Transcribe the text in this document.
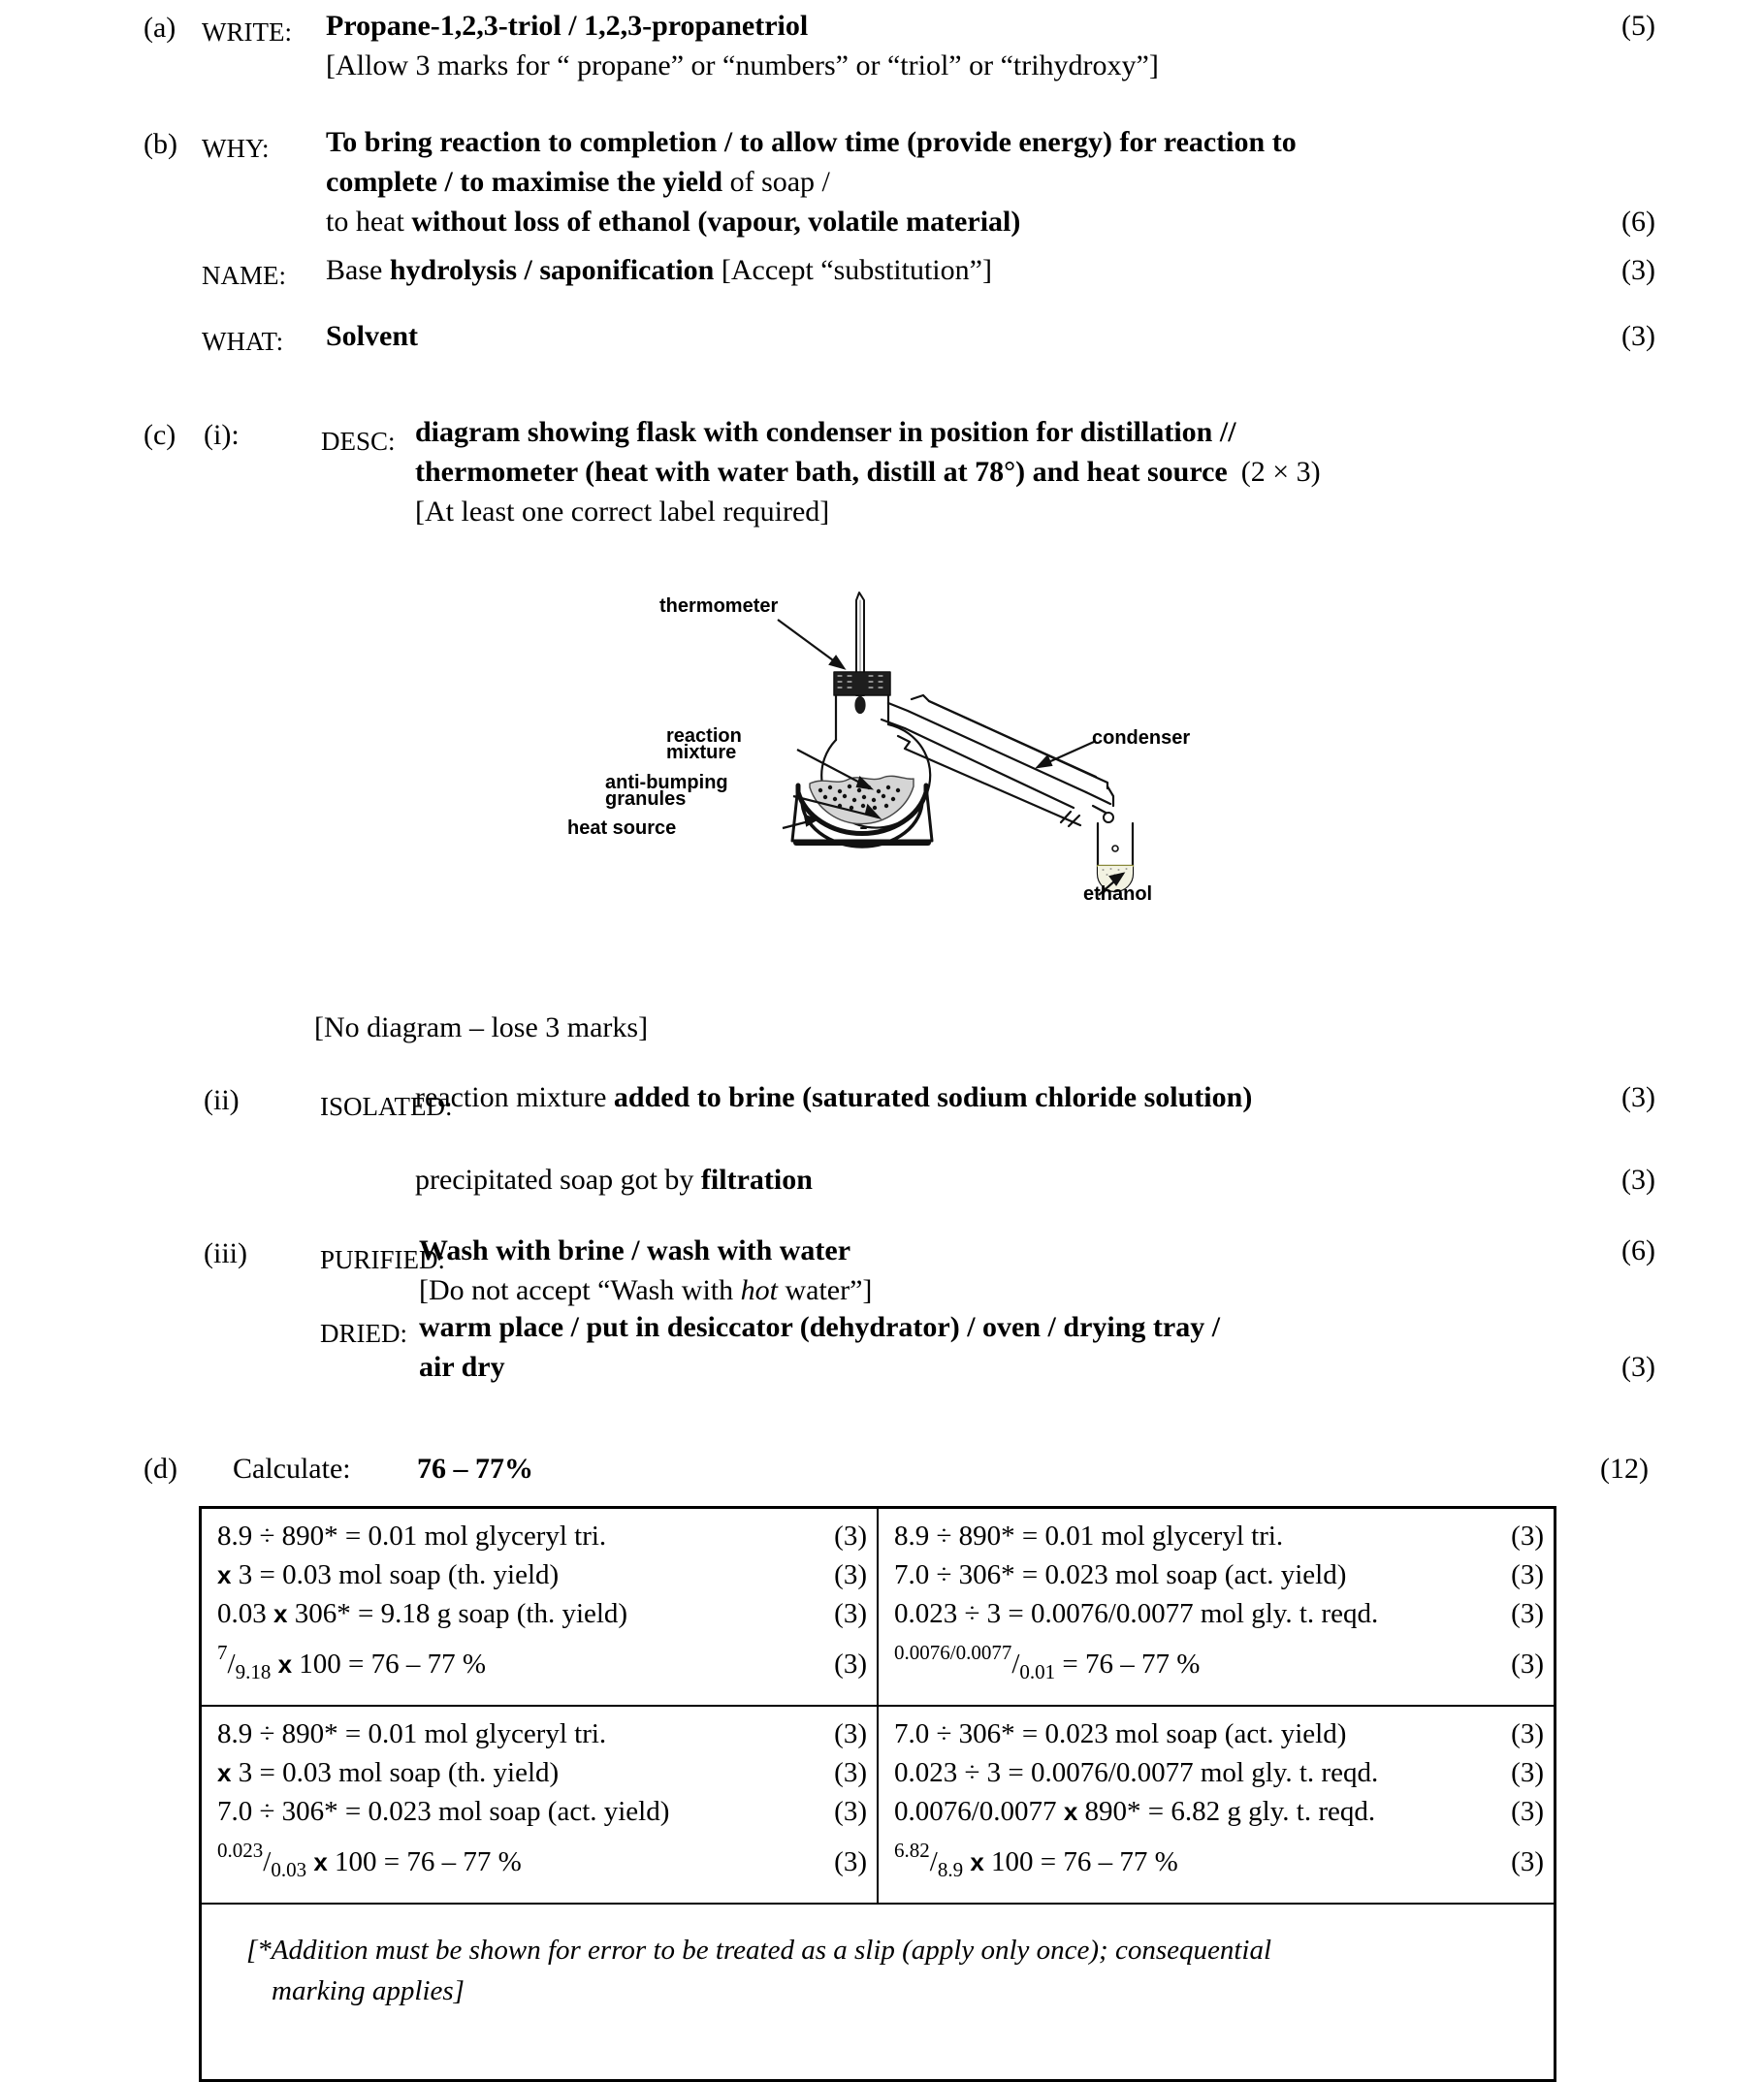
(a) WRITE: Propane-1,2,3-triol / 1,2,3-propanetriol
[Allow 3 marks for “ propane” or “numbers” or “triol” or “trihydroxy”]
(5)
(b) WHY: To bring reaction to completion / to allow time (provide energy) for reaction to
complete / to maximise the yield of soap /
to heat without loss of ethanol (vapour, volatile material)	(6)
NAME: Base hydrolysis / saponification [Accept “substitution”]	(3)
WHAT: Solvent	(3)
(c) (i):	DESC: diagram showing flask with condenser in position for distillation //
thermometer (heat with water bath, distill at 78°) and heat source (2 × 3)
[At least one correct label required]
thermometer
condenser
reaction
mixture
anti-bumping
granules
heat source
ethanol
[No diagram – lose 3 marks]
(ii)	ISOLATED:
reaction mixture added to brine (saturated sodium chloride solution)	(3)
precipitated soap got by filtration	(3)
(iii)	PURIFIED:
Wash with brine / wash with water
[Do not accept “Wash with hot water”]
(6)
DRIED: warm place / put in desiccator (dehydrator) / oven / drying tray /
air dry	(3)
(d) Calculate: 76 – 77%	(12)
8.9 ÷ 890* = 0.01 mol glyceryl tri.	(3)
x 3 = 0.03 mol soap (th. yield)	(3)
0.03 x 306* = 9.18 g soap (th. yield)	(3)
$^7/_{9.18}$ x 100 = 76 – 77 %	(3)

8.9 ÷ 890* = 0.01 mol glyceryl tri.	(3)
7.0 ÷ 306* = 0.023 mol soap (act. yield)	(3)
0.023 ÷ 3 = 0.0076/0.0077 mol gly. t. reqd.	(3)
$^{0.0076/0.0077}/_{0.01} = 76 - 77$ %	(3)

8.9 ÷ 890* = 0.01 mol glyceryl tri.	(3)
x 3 = 0.03 mol soap (th. yield)	(3)
7.0 ÷ 306* = 0.023 mol soap (act. yield)	(3)
$^{0.023}/_{0.03}$ x 100 = 76 – 77 %	(3)

7.0 ÷ 306* = 0.023 mol soap (act. yield)	(3)
0.023 ÷ 3 = 0.0076/0.0077 mol gly. t. reqd.	(3)
0.0076/0.0077 x 890* = 6.82 g gly. t. reqd.	(3)
$^{6.82}/_{8.9}$ x 100 = 76 – 77 %	(3)

[*Addition must be shown for error to be treated as a slip (apply only once); consequential
marking applies]	
